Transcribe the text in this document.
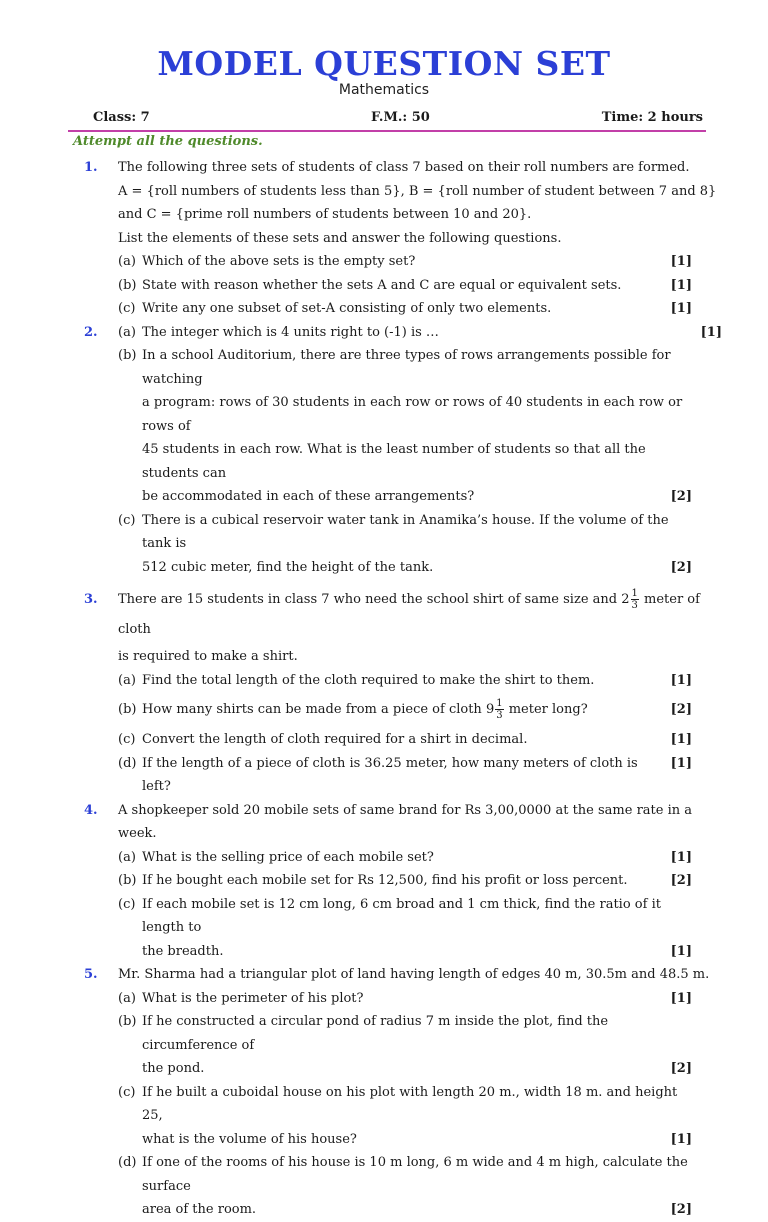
MODEL QUESTION SET
Mathematics
Class: 7	F.M.: 50	Time: 2 hours
Attempt all the questions.
1.	The following three sets of students of class 7 based on their roll numbers are formed.
A = {roll numbers of students less than 5}, B = {roll number of student between 7 and 8}
and C = {prime roll numbers of students between 10 and 20}.
List the elements of these sets and answer the following questions.
(a) Which of the above sets is the empty set?	[1]
(b) State with reason whether the sets A and C are equal or equivalent sets.	[1]
(c) Write any one subset of set-A consisting of only two elements.	[1]
2.	(a) The integer which is 4 units right to (-1) is …	[1]
(b) In a school Auditorium, there are three types of rows arrangements possible for watching
a program: rows of 30 students in each row or rows of 40 students in each row or rows of
45 students in each row. What is the least number of students so that all the students can
be accommodated in each of these arrangements?	[2]
(c) There is a cubical reservoir water tank in Anamika’s house. If the volume of the tank is
512 cubic meter, find the height of the tank.	[2]
3.	There are 15 students in class 7 who need the school shirt of same size and $2 \frac{1}{3}$ meter of cloth
is required to make a shirt.
(a) Find the total length of the cloth required to make the shirt to them.	[1]
(b) How many shirts can be made from a piece of cloth $9 \frac{1}{3}$ meter long?	[2]
(c) Convert the length of cloth required for a shirt in decimal.	[1]
(d) If the length of a piece of cloth is 36.25 meter, how many meters of cloth is left?
[1]
4.	A shopkeeper sold 20 mobile sets of same brand for Rs 3,00,0000 at the same rate in a week.
(a) What is the selling price of each mobile set?	[1]
(b) If he bought each mobile set for Rs 12,500, find his profit or loss percent.	[2]
(c) If each mobile set is 12 cm long, 6 cm broad and 1 cm thick, find the ratio of it length to
the breadth.	[1]
5.	Mr. Sharma had a triangular plot of land having length of edges 40 m, 30.5m and 48.5 m.
(a) What is the perimeter of his plot?	[1]
(b) If he constructed a circular pond of radius 7 m inside the plot, find the circumference of
the pond.	[2]
(c) If he built a cuboidal house on his plot with length 20 m., width 18 m. and height 25,
what is the volume of his house?	[1]
(d) If one of the rooms of his house is 10 m long, 6 m wide and 4 m high, calculate the surface
area of the room.	[2]
